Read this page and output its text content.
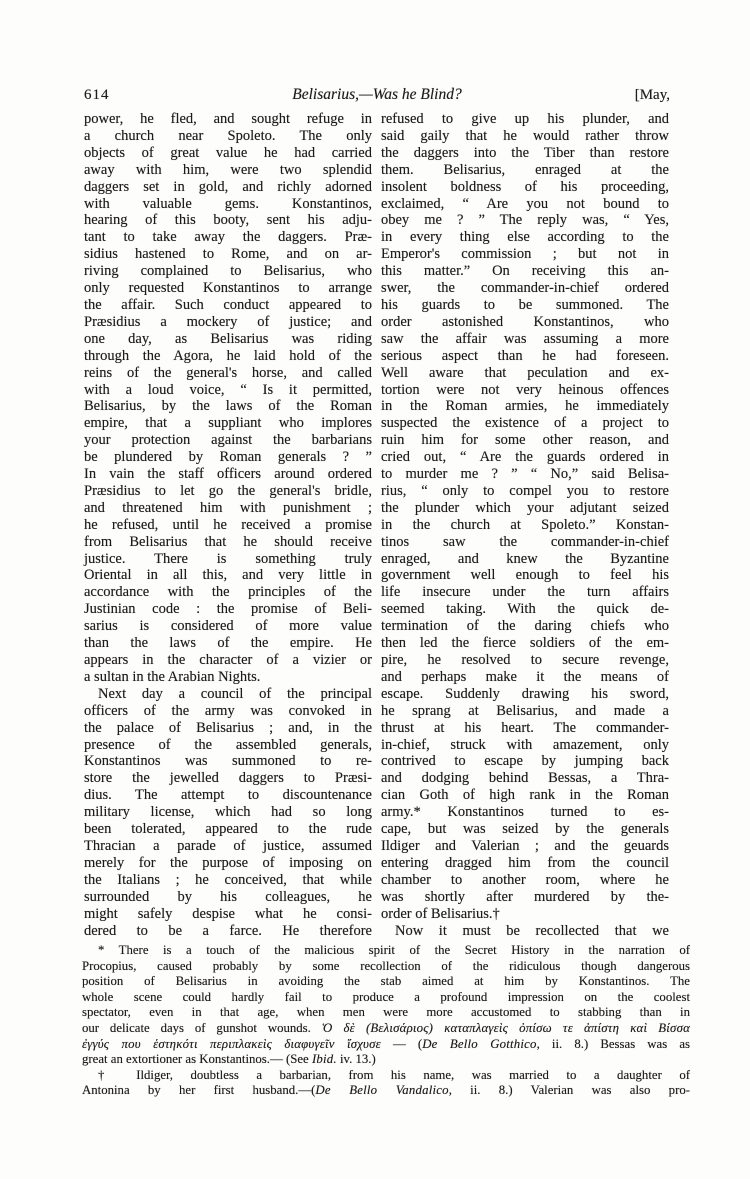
614	Belisarius,—Was he Blind?	[May,
power, he fled, and sought refuge in
a church near Spoleto. The only
objects of great value he had carried
away with him, were two splendid
daggers set in gold, and richly adorned
with valuable gems. Konstantinos,
hearing of this booty, sent his adju-
tant to take away the daggers. Præ-
sidius hastened to Rome, and on ar-
riving complained to Belisarius, who
only requested Konstantinos to arrange
the affair. Such conduct appeared to
Præsidius a mockery of justice; and
one day, as Belisarius was riding
through the Agora, he laid hold of the
reins of the general's horse, and called
with a loud voice, “ Is it permitted,
Belisarius, by the laws of the Roman
empire, that a suppliant who implores
your protection against the barbarians
be plundered by Roman generals ? ”
In vain the staff officers around ordered
Præsidius to let go the general's bridle,
and threatened him with punishment ;
he refused, until he received a promise
from Belisarius that he should receive
justice. There is something truly
Oriental in all this, and very little in
accordance with the principles of the
Justinian code : the promise of Beli-
sarius is considered of more value
than the laws of the empire. He
appears in the character of a vizier or
a sultan in the Arabian Nights.
Next day a council of the principal
officers of the army was convoked in
the palace of Belisarius ; and, in the
presence of the assembled generals,
Konstantinos was summoned to re-
store the jewelled daggers to Præsi-
dius. The attempt to discountenance
military license, which had so long
been tolerated, appeared to the rude
Thracian a parade of justice, assumed
merely for the purpose of imposing on
the Italians ; he conceived, that while
surrounded by his colleagues, he
might safely despise what he consi-
dered to be a farce. He therefore
refused to give up his plunder, and
said gaily that he would rather throw
the daggers into the Tiber than restore
them. Belisarius, enraged at the
insolent boldness of his proceeding,
exclaimed, “ Are you not bound to
obey me ? ” The reply was, “ Yes,
in every thing else according to the
Emperor's commission ; but not in
this matter.” On receiving this an-
swer, the commander-in-chief ordered
his guards to be summoned. The
order astonished Konstantinos, who
saw the affair was assuming a more
serious aspect than he had foreseen.
Well aware that peculation and ex-
tortion were not very heinous offences
in the Roman armies, he immediately
suspected the existence of a project to
ruin him for some other reason, and
cried out, “ Are the guards ordered in
to murder me ? ” “ No,” said Belisa-
rius, “ only to compel you to restore
the plunder which your adjutant seized
in the church at Spoleto.” Konstan-
tinos saw the commander-in-chief
enraged, and knew the Byzantine
government well enough to feel his
life insecure under the turn affairs
seemed taking. With the quick de-
termination of the daring chiefs who
then led the fierce soldiers of the em-
pire, he resolved to secure revenge,
and perhaps make it the means of
escape. Suddenly drawing his sword,
he sprang at Belisarius, and made a
thrust at his heart. The commander-
in-chief, struck with amazement, only
contrived to escape by jumping back
and dodging behind Bessas, a Thra-
cian Goth of high rank in the Roman
army.* Konstantinos turned to es-
cape, but was seized by the generals
Ildiger and Valerian ; and the geuards
entering dragged him from the council
chamber to another room, where he
was shortly after murdered by the-
order of Belisarius.†
Now it must be recollected that we
* There is a touch of the malicious spirit of the Secret History in the narration of
Procopius, caused probably by some recollection of the ridiculous though dangerous
position of Belisarius in avoiding the stab aimed at him by Konstantinos. The
whole scene could hardly fail to produce a profound impression on the coolest
spectator, even in that age, when men were more accustomed to stabbing than in
our delicate days of gunshot wounds. Ὁ δὲ (Βελισάριος) καταπλαγεὶς ὀπίσω τε ἀπίστη καὶ Βίσσα
ἐγγύς που ἑστηκότι περιπλακεὶς διαφυγεῖν ἴσχυσε — (De Bello Gotthico, ii. 8.) Bessas was as
great an extortioner as Konstantinos.— (See Ibid. iv. 13.)
† Ildiger, doubtless a barbarian, from his name, was married to a daughter of
Antonina by her first husband.—(De Bello Vandalico, ii. 8.) Valerian was also pro-
